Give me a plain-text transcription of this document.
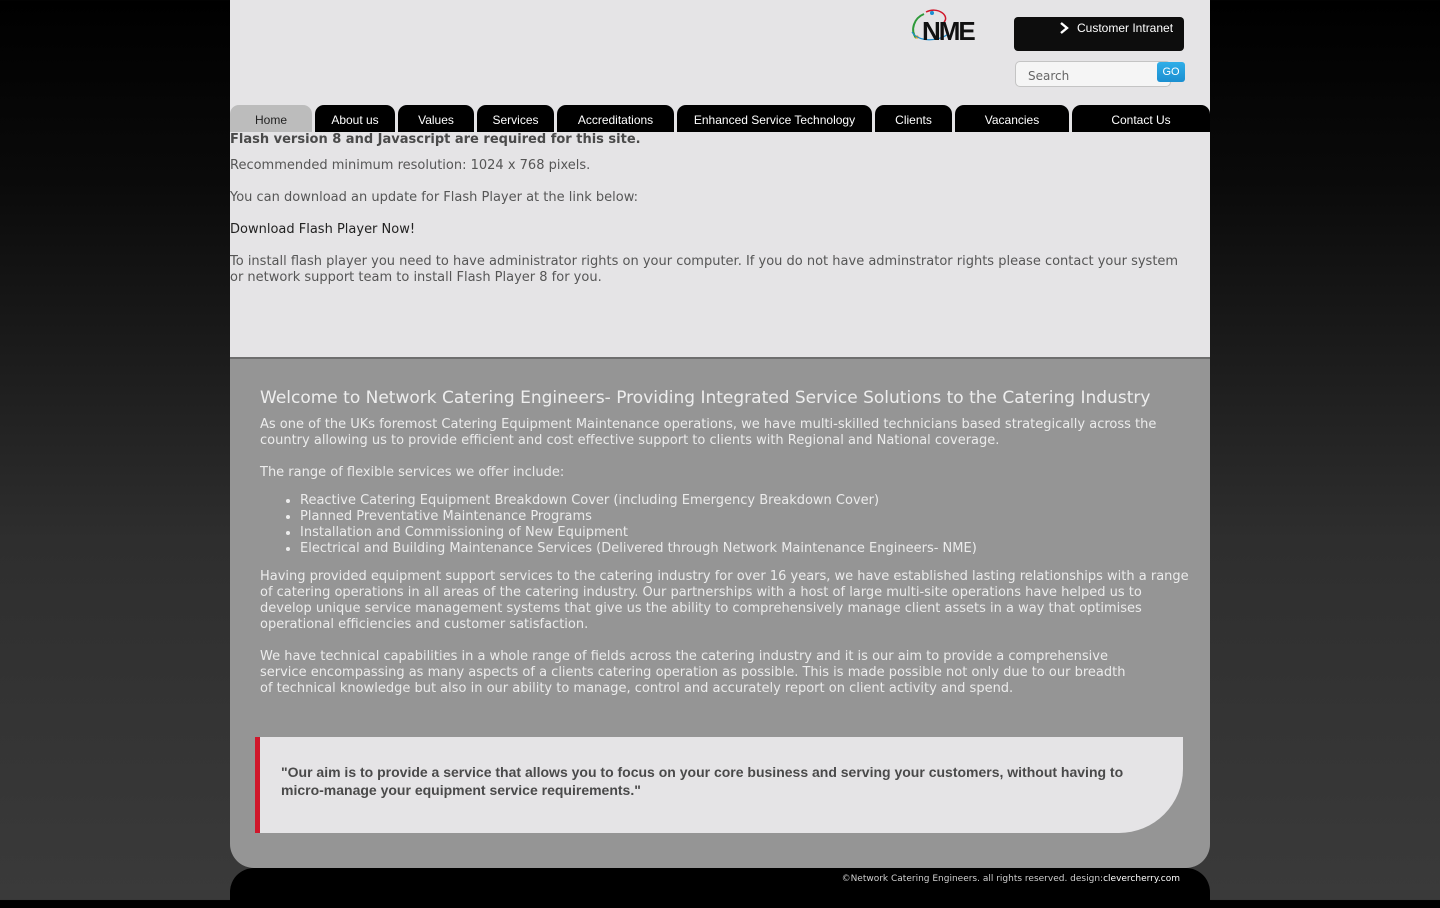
NME	Customer Intranet
Search
GO
Home	About us	Values	Services	Accreditations	Enhanced Service Technology	Clients	Vacancies	Contact Us

Flash version 8 and Javascript are required for this site.

Recommended minimum resolution: 1024 x 768 pixels.

You can download an update for Flash Player at the link below:

Download Flash Player Now!

To install flash player you need to have administrator rights on your computer. If you do not have adminstrator rights please contact your system or network support team to install Flash Player 8 for you.

Welcome to Network Catering Engineers- Providing Integrated Service Solutions to the Catering Industry

As one of the UKs foremost Catering Equipment Maintenance operations, we have multi-skilled technicians based strategically across the country allowing us to provide efficient and cost effective support to clients with Regional and National coverage.

The range of flexible services we offer include:

• Reactive Catering Equipment Breakdown Cover (including Emergency Breakdown Cover)
• Planned Preventative Maintenance Programs
• Installation and Commissioning of New Equipment
• Electrical and Building Maintenance Services (Delivered through Network Maintenance Engineers- NME)

Having provided equipment support services to the catering industry for over 16 years, we have established lasting relationships with a range of catering operations in all areas of the catering industry. Our partnerships with a host of large multi-site operations have helped us to develop unique service management systems that give us the ability to comprehensively manage client assets in a way that optimises operational efficiencies and customer satisfaction.

We have technical capabilities in a whole range of fields across the catering industry and it is our aim to provide a comprehensive service encompassing as many aspects of a clients catering operation as possible. This is made possible not only due to our breadth of technical knowledge but also in our ability to manage, control and accurately report on client activity and spend.

"Our aim is to provide a service that allows you to focus on your core business and serving your customers, without having to micro-manage your equipment service requirements."
©Network Catering Engineers. all rights reserved. design:clevercherry.com
